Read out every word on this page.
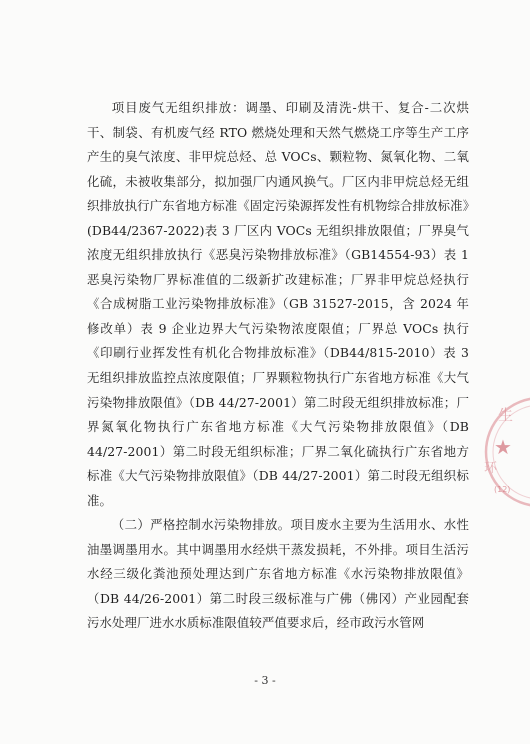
项目废气无组织排放：调墨、印刷及清洗-烘干、复合-二次烘干、制袋、有机废气经 RTO 燃烧处理和天然气燃烧工序等生产工序产生的臭气浓度、非甲烷总烃、总 VOCs、颗粒物、氮氧化物、二氧化硫，未被收集部分，拟加强厂内通风换气。厂区内非甲烷总烃无组织排放执行广东省地方标准《固定污染源挥发性有机物综合排放标准》(DB44/2367-2022)表 3 厂区内 VOCs 无组织排放限值；厂界臭气浓度无组织排放执行《恶臭污染物排放标准》（GB14554-93）表 1 恶臭污染物厂界标准值的二级新扩改建标准；厂界非甲烷总烃执行《合成树脂工业污染物排放标准》（GB 31527-2015，含 2024 年修改单）表 9 企业边界大气污染物浓度限值；厂界总 VOCs 执行《印刷行业挥发性有机化合物排放标准》（DB44/815-2010）表 3 无组织排放监控点浓度限值；厂界颗粒物执行广东省地方标准《大气污染物排放限值》（DB 44/27-2001）第二时段无组织排放标准；厂界氮氧化物执行广东省地方标准《大气污染物排放限值》（DB 44/27-2001）第二时段无组织标准；厂界二氧化硫执行广东省地方标准《大气污染物排放限值》（DB 44/27-2001）第二时段无组织标准。

（二）严格控制水污染物排放。项目废水主要为生活用水、水性油墨调墨用水。其中调墨用水经烘干蒸发损耗，不外排。项目生活污水经三级化粪池预处理达到广东省地方标准《水污染物排放限值》（DB 44/26-2001）第二时段三级标准与广佛（佛冈）产业园配套污水处理厂进水水质标准限值较严值要求后，经市政污水管网

- 3 -
生
★
环
(12)
